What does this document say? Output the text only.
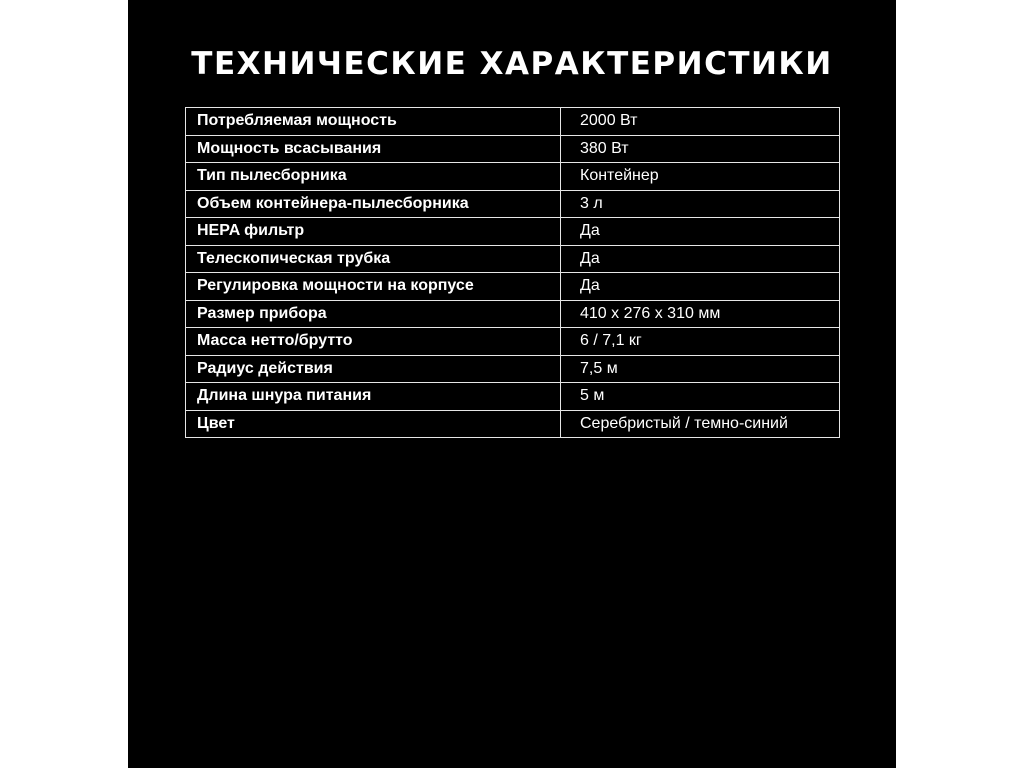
ТЕХНИЧЕСКИЕ ХАРАКТЕРИСТИКИ
Потребляемая мощность	2000 Вт
Мощность всасывания	380 Вт
Тип пылесборника	Контейнер
Объем контейнера-пылесборника	3 л
HEPA фильтр	Да
Телескопическая трубка	Да
Регулировка мощности на корпусе	Да
Размер прибора	410 х 276 х 310 мм
Масса нетто/брутто	6 / 7,1 кг
Радиус действия	7,5 м
Длина шнура питания	5 м
Цвет	Серебристый / темно-синий
